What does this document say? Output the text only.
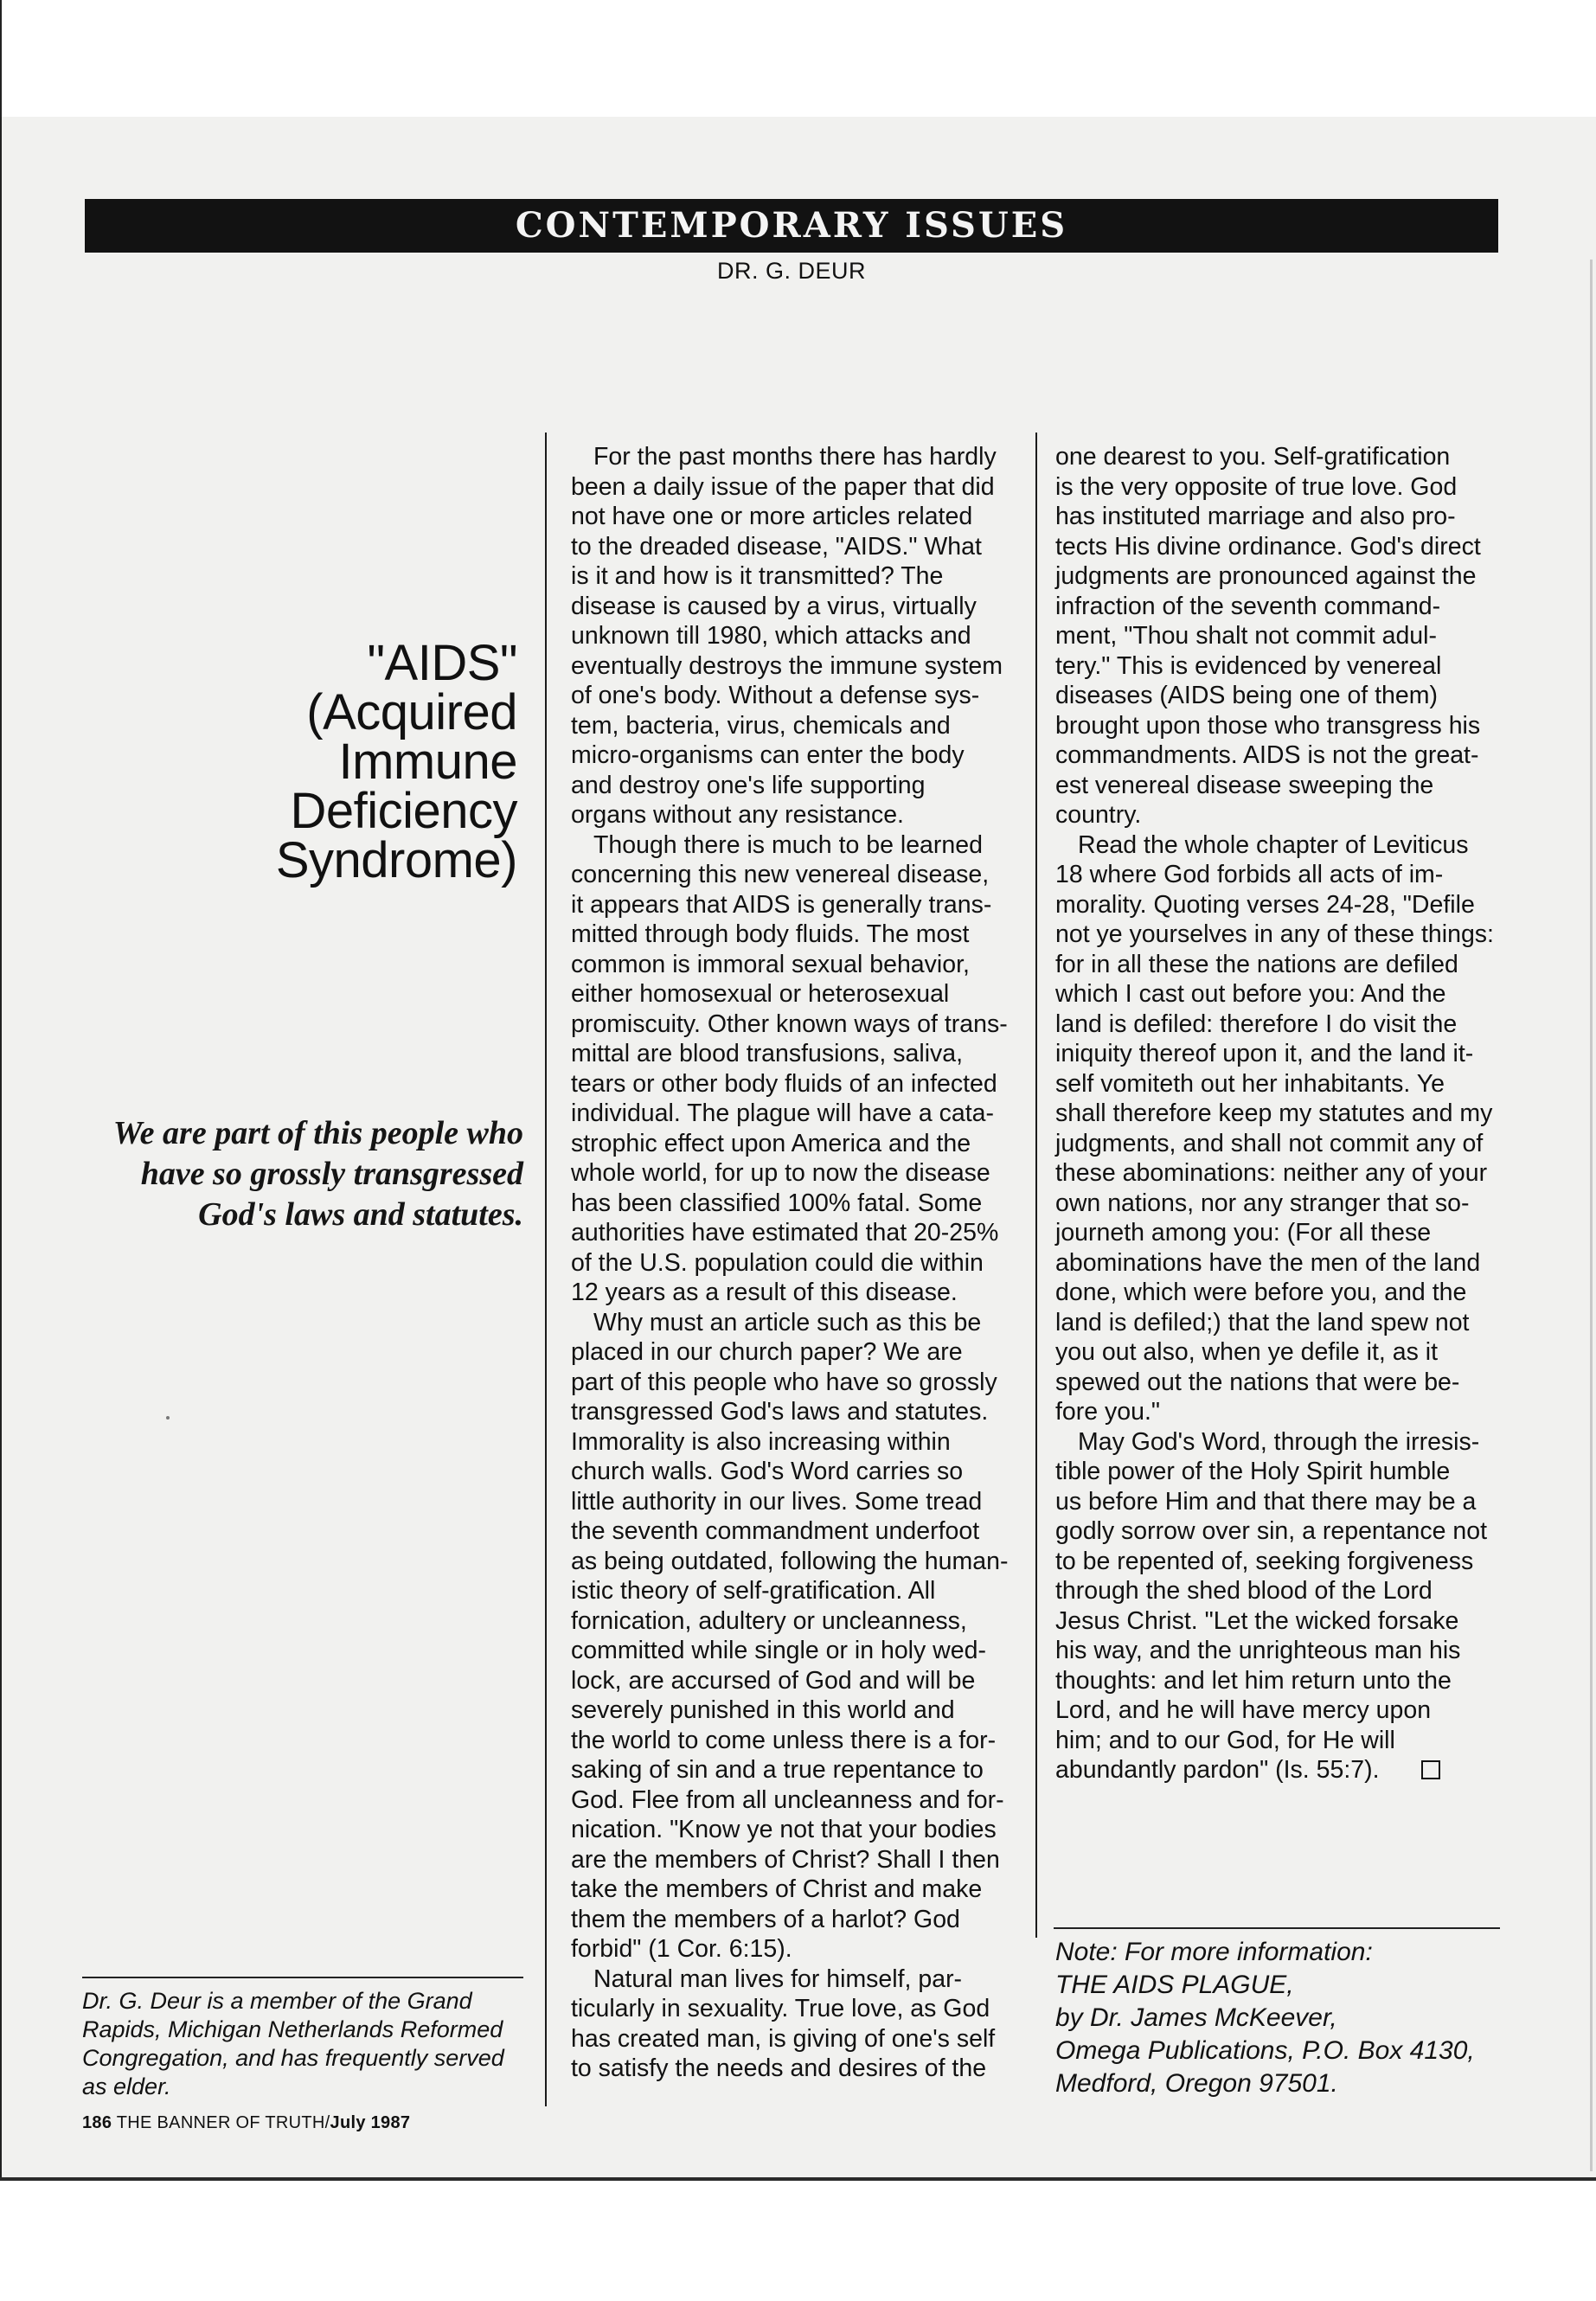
CONTEMPORARY ISSUES
DR. G. DEUR
"AIDS"
(Acquired
Immune
Deficiency
Syndrome)
We are part of this people who
have so grossly transgressed
God's laws and statutes.
Dr. G. Deur is a member of the Grand
Rapids, Michigan Netherlands Reformed
Congregation, and has frequently served
as elder.
186 THE BANNER OF TRUTH/July 1987
For the past months there has hardly
been a daily issue of the paper that did
not have one or more articles related
to the dreaded disease, "AIDS." What
is it and how is it transmitted? The
disease is caused by a virus, virtually
unknown till 1980, which attacks and
eventually destroys the immune system
of one's body. Without a defense sys-
tem, bacteria, virus, chemicals and
micro-organisms can enter the body
and destroy one's life supporting
organs without any resistance.
Though there is much to be learned
concerning this new venereal disease,
it appears that AIDS is generally trans-
mitted through body fluids. The most
common is immoral sexual behavior,
either homosexual or heterosexual
promiscuity. Other known ways of trans-
mittal are blood transfusions, saliva,
tears or other body fluids of an infected
individual. The plague will have a cata-
strophic effect upon America and the
whole world, for up to now the disease
has been classified 100% fatal. Some
authorities have estimated that 20-25%
of the U.S. population could die within
12 years as a result of this disease.
Why must an article such as this be
placed in our church paper? We are
part of this people who have so grossly
transgressed God's laws and statutes.
Immorality is also increasing within
church walls. God's Word carries so
little authority in our lives. Some tread
the seventh commandment underfoot
as being outdated, following the human-
istic theory of self-gratification. All
fornication, adultery or uncleanness,
committed while single or in holy wed-
lock, are accursed of God and will be
severely punished in this world and
the world to come unless there is a for-
saking of sin and a true repentance to
God. Flee from all uncleanness and for-
nication. "Know ye not that your bodies
are the members of Christ? Shall I then
take the members of Christ and make
them the members of a harlot? God
forbid" (1 Cor. 6:15).
Natural man lives for himself, par-
ticularly in sexuality. True love, as God
has created man, is giving of one's self
to satisfy the needs and desires of the
one dearest to you. Self-gratification
is the very opposite of true love. God
has instituted marriage and also pro-
tects His divine ordinance. God's direct
judgments are pronounced against the
infraction of the seventh command-
ment, "Thou shalt not commit adul-
tery." This is evidenced by venereal
diseases (AIDS being one of them)
brought upon those who transgress his
commandments. AIDS is not the great-
est venereal disease sweeping the
country.
Read the whole chapter of Leviticus
18 where God forbids all acts of im-
morality. Quoting verses 24-28, "Defile
not ye yourselves in any of these things:
for in all these the nations are defiled
which I cast out before you: And the
land is defiled: therefore I do visit the
iniquity thereof upon it, and the land it-
self vomiteth out her inhabitants. Ye
shall therefore keep my statutes and my
judgments, and shall not commit any of
these abominations: neither any of your
own nations, nor any stranger that so-
journeth among you: (For all these
abominations have the men of the land
done, which were before you, and the
land is defiled;) that the land spew not
you out also, when ye defile it, as it
spewed out the nations that were be-
fore you."
May God's Word, through the irresis-
tible power of the Holy Spirit humble
us before Him and that there may be a
godly sorrow over sin, a repentance not
to be repented of, seeking forgiveness
through the shed blood of the Lord
Jesus Christ. "Let the wicked forsake
his way, and the unrighteous man his
thoughts: and let him return unto the
Lord, and he will have mercy upon
him; and to our God, for He will
abundantly pardon" (Is. 55:7).
Note: For more information:
THE AIDS PLAGUE,
by Dr. James McKeever,
Omega Publications, P.O. Box 4130,
Medford, Oregon 97501.
